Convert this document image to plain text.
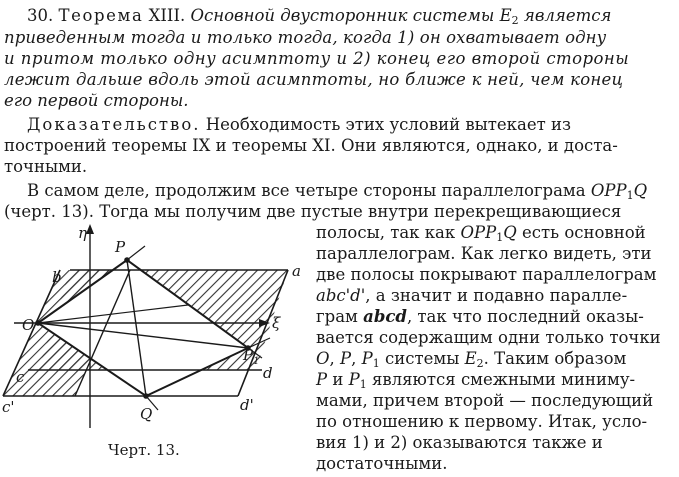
30. Теорема XIII. Основной двусторонник системы $E_2$ является
приведенным тогда и только тогда, когда 1) он охватывает одну
и притом только одну асимптоту и 2) конец его второй стороны
лежит дальше вдоль этой асимптоты, но ближе к ней, чем конец
его первой стороны.
Доказательство. Необходимость этих условий вытекает из
построений теоремы IX и теоремы XI. Они являются, однако, и доста-
точными.
В самом деле, продолжим все четыре стороны параллелограма $OPP_1Q$
(черт. 13). Тогда мы получим две пустые внутри перекрещивающиеся
полосы, так как $OPP_1Q$ есть основной
параллелограм. Как легко видеть, эти
две полосы покрывают параллелограм
abc'd', а значит и подавно паралле-
грам abcd, так что последний оказы-
вается содержащим одни только точки
O, P, $P_1$ системы $E_2$. Таким образом
P и $P_1$ являются смежными миниму-
мами, причем второй — последующий
по отношению к первому. Итак, усло-
вия 1) и 2) оказываются также и
достаточными.
η
ξ
O
P
$P_1$
Q
b	a
c	d
c'	d'
Черт. 13.
